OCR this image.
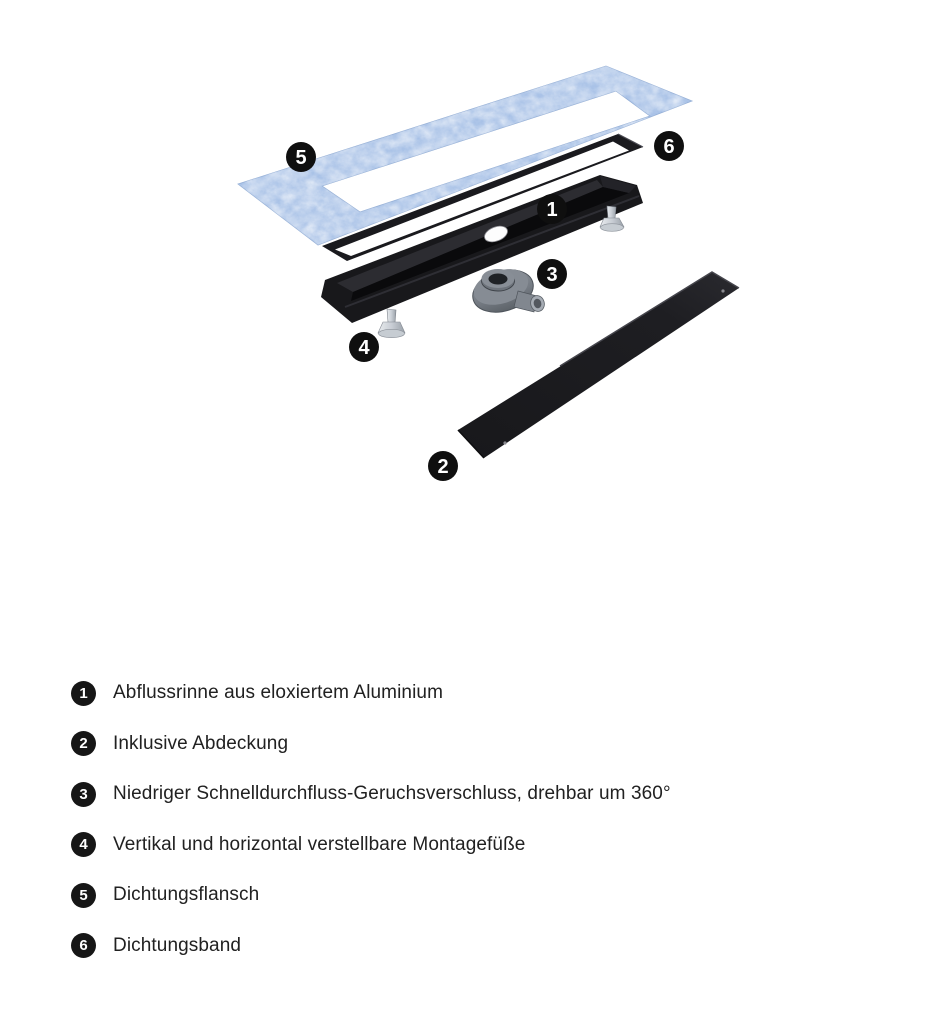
5	6
1
3
4
2
1	Abflussrinne aus eloxiertem Aluminium
2	Inklusive Abdeckung
3	Niedriger Schnelldurchfluss-Geruchsverschluss, drehbar um 360°
4	Vertikal und horizontal verstellbare Montagefüße
5	Dichtungsflansch
6	Dichtungsband
